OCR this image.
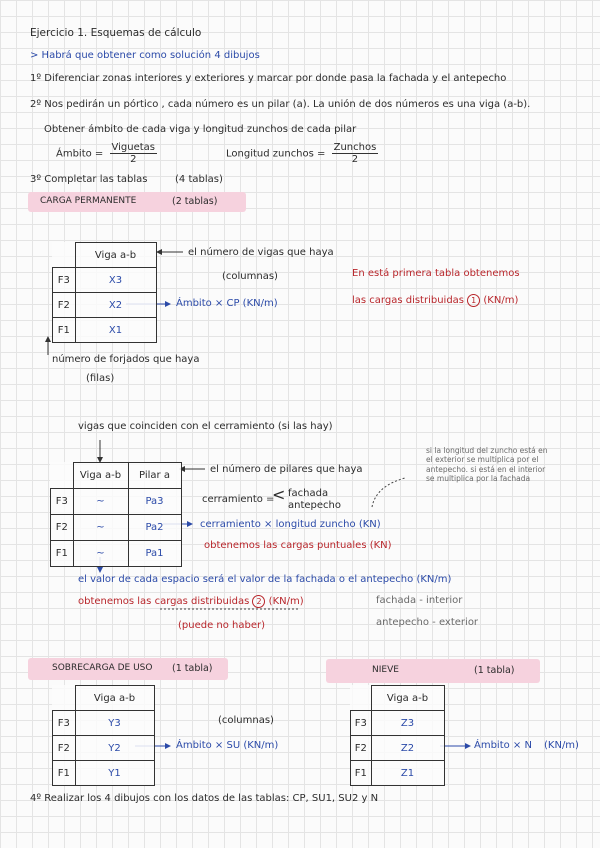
Ejercicio 1. Esquemas de cálculo
> Habrá que obtener como solución 4 dibujos
1º Diferenciar zonas interiores y exteriores y marcar por donde pasa la fachada y el antepecho
2º Nos pedirán un pórtico , cada número es un pilar (a). La unión de dos números es una viga (a-b).
Obtener ámbito de cada viga y longitud zunchos de cada pilar
Ámbito = $\frac{\text{Viguetas}}{2}$	Longitud zunchos = $\frac{\text{Zunchos}}{2}$
3º Completar las tablas	(4 tablas)
CARGA PERMANENTE	(2 tablas)
	Viga a-b
F3	X3
F2	X2
F1	X1
el número de vigas que haya
(columnas)
Ámbito × CP (KN/m)
En está primera tabla obtenemos
las cargas distribuidas 1 (KN/m)
número de forjados que haya
(filas)
vigas que coinciden con el cerramiento (si las hay)
	Viga a-b	Pilar a
F3	~	Pa3
F2	~	Pa2
F1	~	Pa1
el número de pilares que haya
cerramiento =
< fachada
antepecho
si la longitud del zuncho está en el exterior se multiplica por el antepecho. si está en el interior se multiplica por la fachada
cerramiento × longitud zuncho (KN)
obtenemos las cargas puntuales (KN)
el valor de cada espacio será el valor de la fachada o el antepecho (KN/m)
obtenemos las cargas distribuidas 2 (KN/m)
(puede no haber)
fachada - interior
antepecho - exterior
SOBRECARGA DE USO (1 tabla)
	Viga a-b
F3	Y3
F2	Y2
F1	Y1
(columnas)
Ámbito × SU (KN/m)
NIEVE	(1 tabla)
	Viga a-b
F3	Z3
F2	Z2
F1	Z1
Ámbito × N (KN/m)
4º Realizar los 4 dibujos con los datos de las tablas: CP, SU1, SU2 y N
